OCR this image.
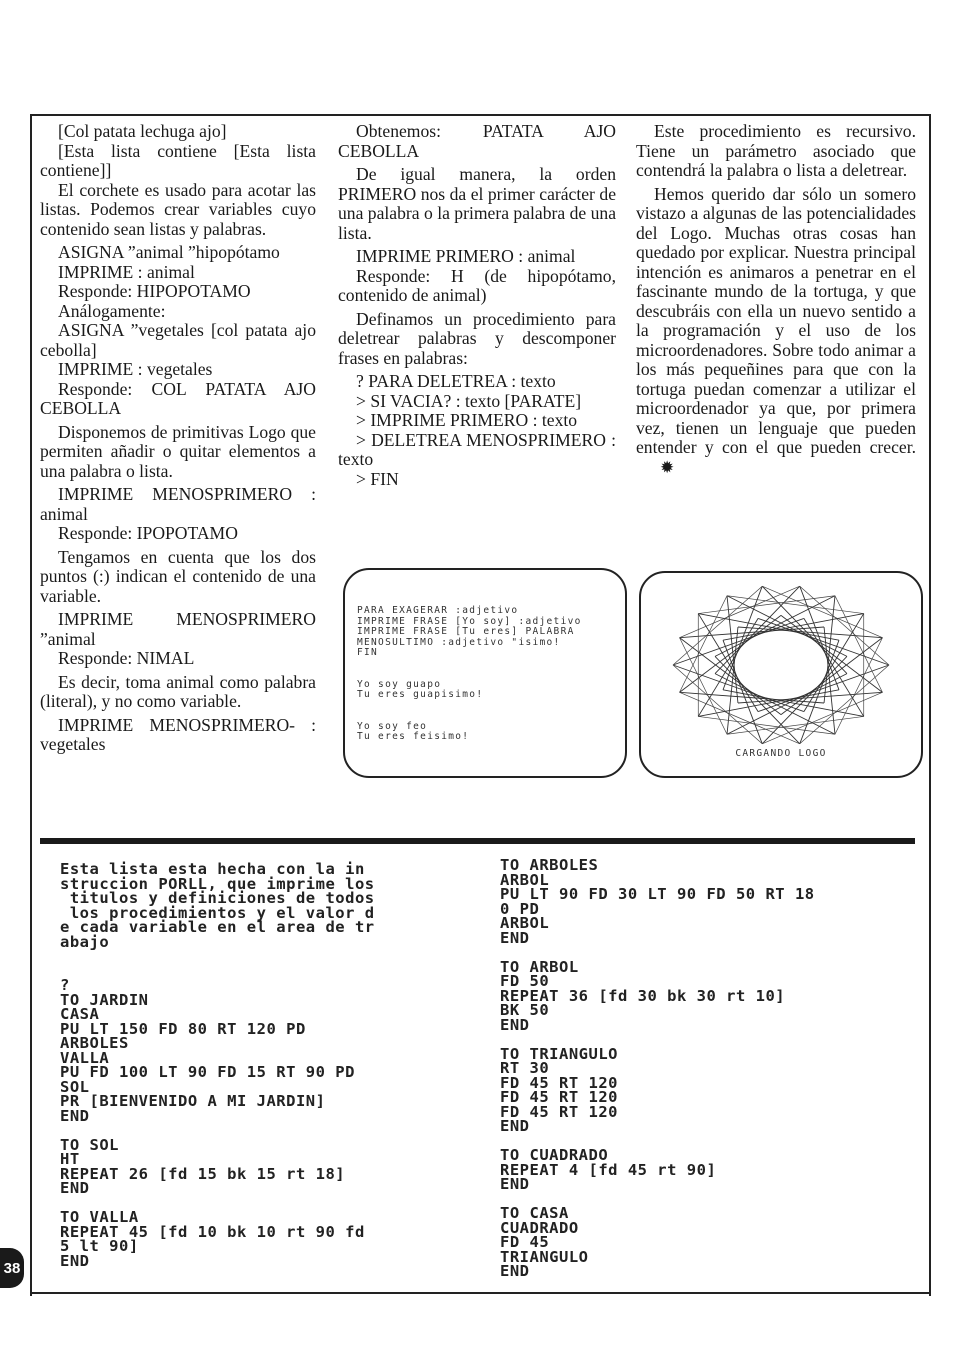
[Col patata lechuga ajo]

[Esta lista contiene [Esta lista contiene]]

El corchete es usado para acotar las listas. Podemos crear variables cuyo contenido sean listas y palabras.

ASIGNA ”animal ”hipopótamo

IMPRIME : animal

Responde: HIPOPOTAMO

Análogamente:

ASIGNA ”vegetales [col patata ajo cebolla]

IMPRIME : vegetales

Responde: COL PATATA AJO CEBOLLA

Disponemos de primitivas Logo que permiten añadir o quitar elementos a una palabra o lista.

IMPRIME MENOSPRIMERO : animal

Responde: IPOPOTAMO

Tengamos en cuenta que los dos puntos (:) indican el contenido de una variable.

IMPRIME MENOSPRIMERO ”animal

Responde: NIMAL

Es decir, toma animal como palabra (literal), y no como variable.

IMPRIME MENOSPRIMERO- : vegetales

Obtenemos: PATATA AJO CEBOLLA

De igual manera, la orden PRIMERO nos da el primer carácter de una palabra o la primera palabra de una lista.

IMPRIME PRIMERO : animal

Responde: H (de hipopótamo, contenido de animal)

Definamos un procedimiento para deletrear palabras y descomponer frases en palabras:

? PARA DELETREA : texto

> SI VACIA? : texto [PARATE]

> IMPRIME PRIMERO : texto

> DELETREA MENOSPRIMERO : texto

> FIN

Este procedimiento es recursivo. Tiene un parámetro asociado que contendrá la palabra o lista a deletrear.

Hemos querido dar sólo un somero vistazo a algunas de las potencialidades del Logo. Muchas otras cosas han quedado por explicar. Nuestra principal intención es animaros a penetrar en el fascinante mundo de la tortuga, y que descubráis con ella un nuevo sentido a la programación y el uso de los microordenadores. Sobre todo animar a los más pequeñines para que con la tortuga puedan comenzar a utilizar el microordenador ya que, por primera vez, tienen un lenguaje que pueden entender y con el que pueden crecer.✹

PARA EXAGERAR :adjetivo
IMPRIME FRASE [Yo soy] :adjetivo
IMPRIME FRASE [Tu eres] PALABRA
MENOSULTIMO :adjetivo "isimo!
FIN

Yo soy guapo
Tu eres guapisimo!

Yo soy feo
Tu eres feisimo!
CARGANDO LOGO
Esta lista esta hecha con la in
struccion PORLL, que imprime los
titulos y definiciones de todos
los procedimientos y el valor d
e cada variable en el area de tr
abajo

?
TO JARDIN
CASA
PU LT 150 FD 80 RT 120 PD
ARBOLES
VALLA
PU FD 100 LT 90 FD 15 RT 90 PD
SOL
PR [BIENVENIDO A MI JARDIN]
END

TO SOL
HT
REPEAT 26 [fd 15 bk 15 rt 18]
END

TO VALLA
REPEAT 45 [fd 10 bk 10 rt 90 fd
5 lt 90]
END
TO ARBOLES
ARBOL
PU LT 90 FD 30 LT 90 FD 50 RT 18
0 PD
ARBOL
END

TO ARBOL
FD 50
REPEAT 36 [fd 30 bk 30 rt 10]
BK 50
END

TO TRIANGULO
RT 30
FD 45 RT 120
FD 45 RT 120
FD 45 RT 120
END

TO CUADRADO
REPEAT 4 [fd 45 rt 90]
END

TO CASA
CUADRADO
FD 45
TRIANGULO
END
38
